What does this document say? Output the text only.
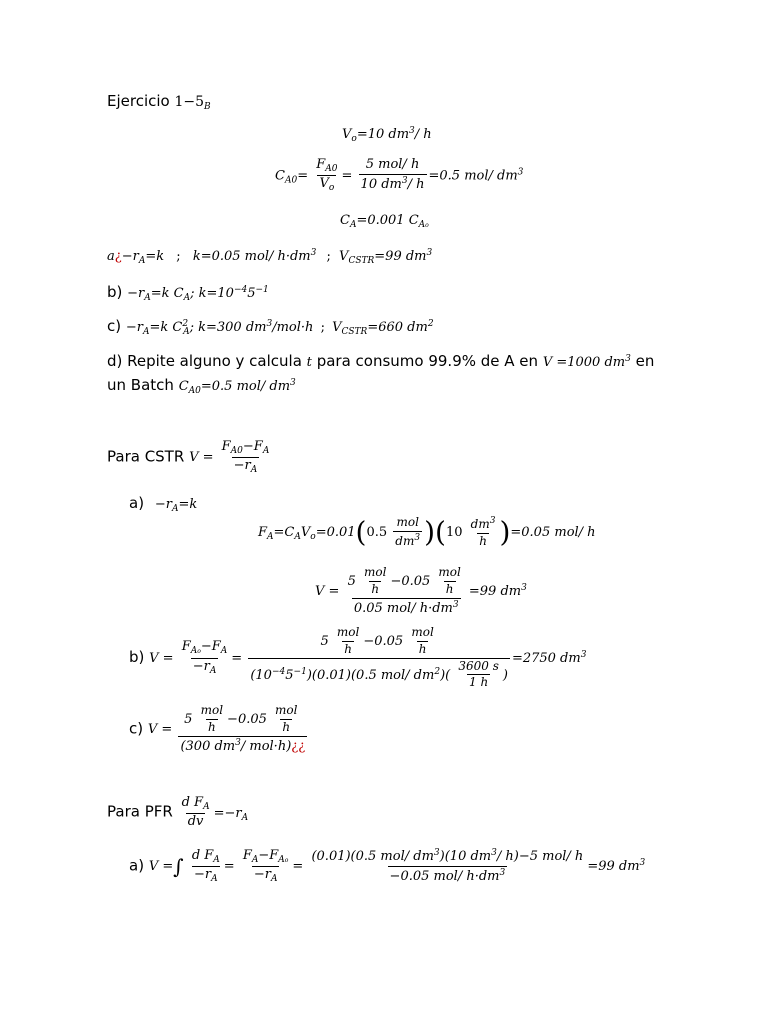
Ejercicio $1-5_B$
$V_o=10$ $dm^3/$ h
$C_{A0}= \frac{F_{A0}}{V_o} = \frac{\text{5 mol/ h}}{10 dm^3/ h} =0.5$ mol/ $dm^3$
$C_A=0.001$ $C_{Ao}$
$a¿-r_A=k$ ; k=0.05 mol/ $h\cdot dm^3$ ; $V_{CSTR}=99$ $dm^3$
$b) -r_A=k$ $C_A$; $k=10^{-4}5^{-1}$
$c) -r_A=k$ $C^2_A$; k=300 $dm^3/mol\cdot h$ ; $V_{CSTR}=660$ $dm^2$
d) Repite alguno y calcula t para consumo 99.9% de A en V =1000 $dm^3$ en
un Batch $C_{A0}=0.5$ mol/ $dm^3$
Para CSTR $V = \frac{F_{A0}-F_A}{-r_A}$
$a) -r_A=k$
$F_A=C_AV_o=0.01(0.5 \frac{\text{mol}}{dm^3} )(10 \frac{dm^3}{h} )=0.05$ mol/ h
$V = \frac{5 \frac{\text{mol}}{h} -0.05 \frac{\text{mol}}{h}}{0.05 mol/ h\cdot dm^3} =99$ $dm^3$
b) $V = \frac{F_{Ao}-F_A}{-r_A} = \frac{5 \frac{\text{mol}}{h} -0.05 \frac{\text{mol}}{h}}{(10^{-4}5^{-1})(0.01)(0.5 mol/ dm^2)( \frac{3600 s}{1 h} )} =2750$ $dm^3$
c) $V = \frac{5 \frac{\text{mol}}{h} -0.05 \frac{\text{mol}}{h}}{(300 dm^3/ mol\cdot h)¿¿}$
Para PFR $\frac{d F_A}{dv} =-r_A$
a) V =∫ $\frac{d F_A}{-r_A} = \frac{F_A-F_{Ao}}{-r_A} = \frac{(0.01)(0.5 mol/ dm^3)(10 dm^3/ h)-5 mol/ h}{-0.05 mol/ h\cdot dm^3} =99$ $dm^3$
